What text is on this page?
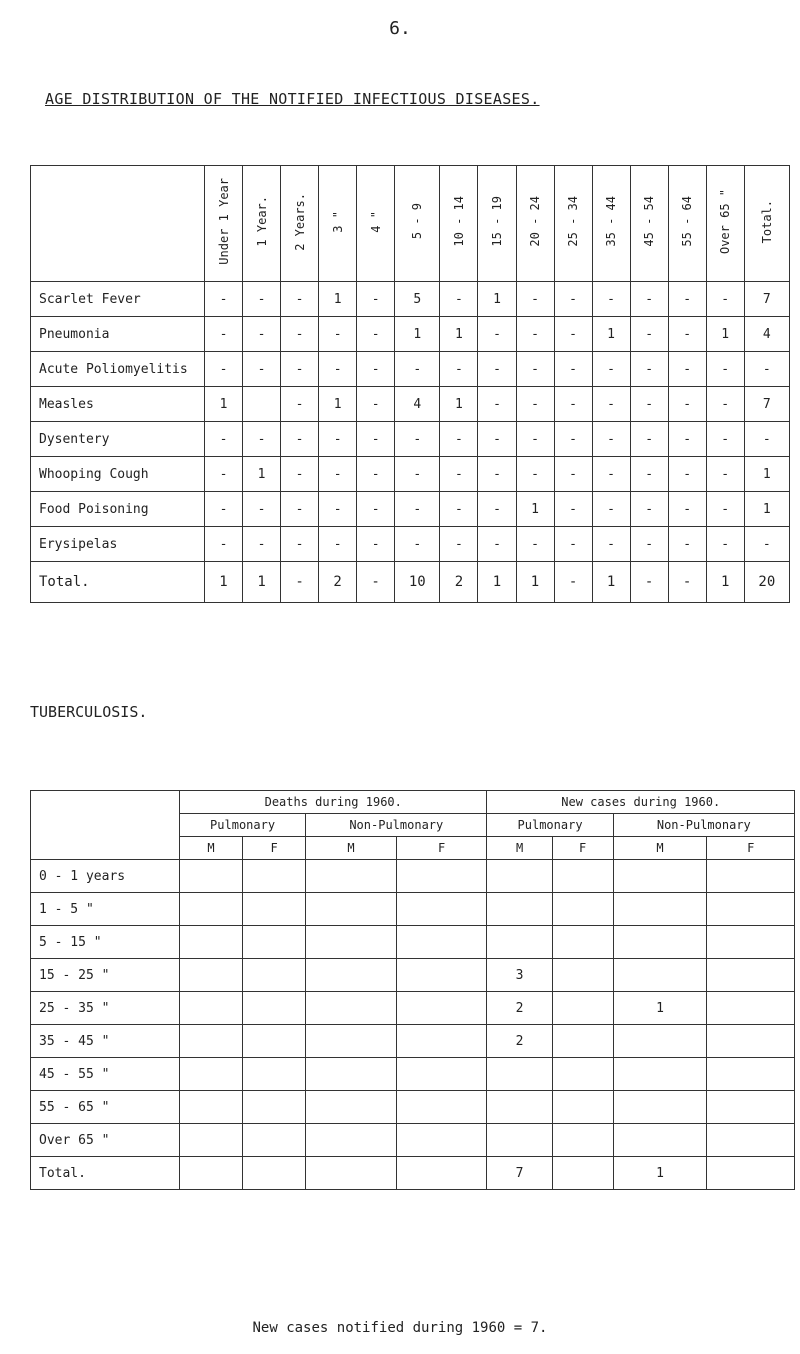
6.
AGE DISTRIBUTION OF THE NOTIFIED INFECTIOUS DISEASES.
	Under 1 Year	1 Year.	2 Years.	3 "	4 "	5 - 9	10 - 14	15 - 19	20 - 24	25 - 34	35 - 44	45 - 54	55 - 64	Over 65 "	Total.
Scarlet Fever	-	-	-	1	-	5	-	1	-	-	-	-	-	-	7
Pneumonia	-	-	-	-	-	1	1	-	-	-	1	-	-	1	4
Acute Poliomyelitis	-	-	-	-	-	-	-	-	-	-	-	-	-	-	-
Measles	1		-	1	-	4	1	-	-	-	-	-	-	-	7
Dysentery	-	-	-	-	-	-	-	-	-	-	-	-	-	-	-
Whooping Cough	-	1	-	-	-	-	-	-	-	-	-	-	-	-	1
Food Poisoning	-	-	-	-	-	-	-	-	1	-	-	-	-	-	1
Erysipelas	-	-	-	-	-	-	-	-	-	-	-	-	-	-	-
Total.	1	1	-	2	-	10	2	1	1	-	1	-	-	1	20
TUBERCULOSIS.
	Deaths during 1960.				New cases during 1960.			
	Pulmonary		Non-Pulmonary		Pulmonary		Non-Pulmonary	
	M	F	M	F	M	F	M	F
0 - 1 years								
1 - 5 "								
5 - 15 "								
15 - 25 "					3			
25 - 35 "					2		1	
35 - 45 "					2			
45 - 55 "								
55 - 65 "								
Over 65 "								
Total.					7		1	
New cases notified during 1960 = 7.
